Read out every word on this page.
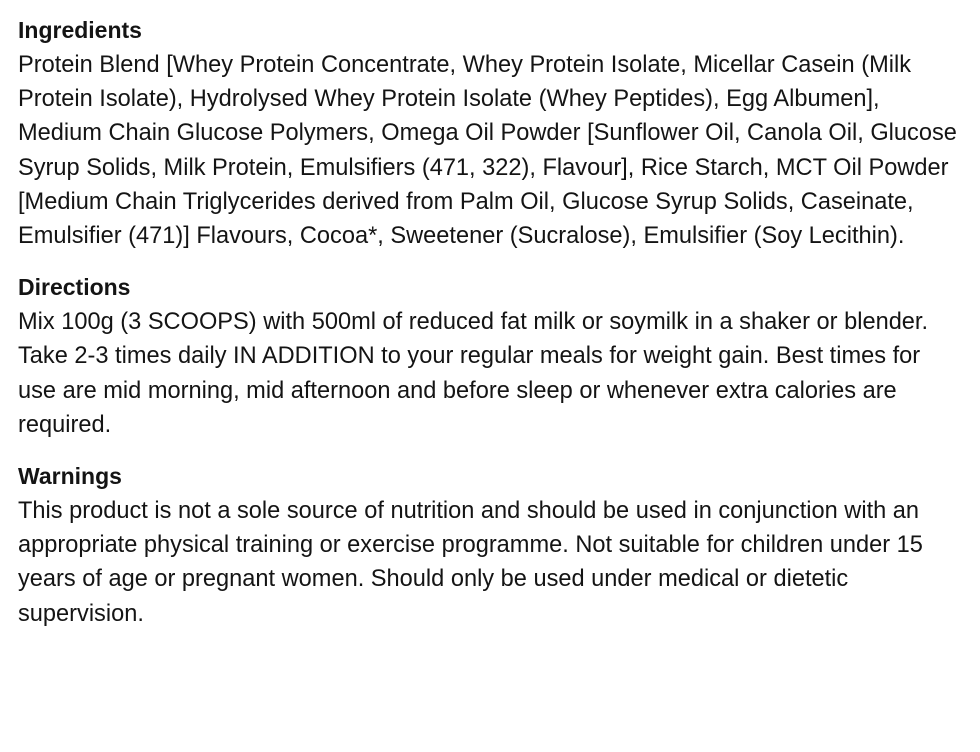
Ingredients

Protein Blend [Whey Protein Concentrate, Whey Protein Isolate, Micellar Casein (Milk Protein Isolate), Hydrolysed Whey Protein Isolate (Whey Peptides), Egg Albumen], Medium Chain Glucose Polymers, Omega Oil Powder [Sunflower Oil, Canola Oil, Glucose Syrup Solids, Milk Protein, Emulsifiers (471, 322), Flavour], Rice Starch, MCT Oil Powder [Medium Chain Triglycerides derived from Palm Oil, Glucose Syrup Solids, Caseinate, Emulsifier (471)] Flavours, Cocoa*, Sweetener (Sucralose), Emulsifier (Soy Lecithin).

Directions

Mix 100g (3 SCOOPS) with 500ml of reduced fat milk or soymilk in a shaker or blender. Take 2-3 times daily IN ADDITION to your regular meals for weight gain. Best times for use are mid morning, mid afternoon and before sleep or whenever extra calories are required.

Warnings

This product is not a sole source of nutrition and should be used in conjunction with an appropriate physical training or exercise programme. Not suitable for children under 15 years of age or pregnant women. Should only be used under medical or dietetic supervision.
